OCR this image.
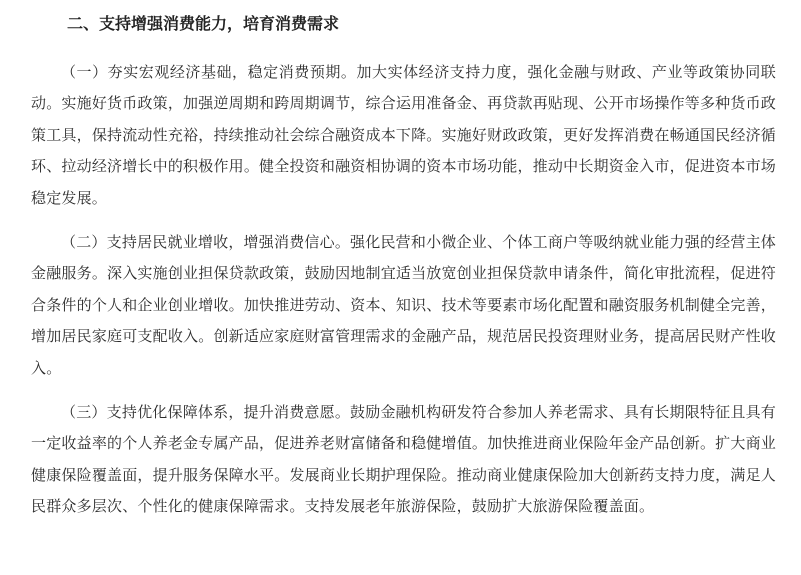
二、支持增强消费能力，培育消费需求

（一）夯实宏观经济基础，稳定消费预期。加大实体经济支持力度，强化金融与财政、产业等政策协同联动。实施好货币政策，加强逆周期和跨周期调节，综合运用准备金、再贷款再贴现、公开市场操作等多种货币政策工具，保持流动性充裕，持续推动社会综合融资成本下降。实施好财政政策，更好发挥消费在畅通国民经济循环、拉动经济增长中的积极作用。健全投资和融资相协调的资本市场功能，推动中长期资金入市，促进资本市场稳定发展。

（二）支持居民就业增收，增强消费信心。强化民营和小微企业、个体工商户等吸纳就业能力强的经营主体金融服务。深入实施创业担保贷款政策，鼓励因地制宜适当放宽创业担保贷款申请条件，简化审批流程，促进符合条件的个人和企业创业增收。加快推进劳动、资本、知识、技术等要素市场化配置和融资服务机制健全完善，增加居民家庭可支配收入。创新适应家庭财富管理需求的金融产品，规范居民投资理财业务，提高居民财产性收入。

（三）支持优化保障体系，提升消费意愿。鼓励金融机构研发符合参加人养老需求、具有长期限特征且具有一定收益率的个人养老金专属产品，促进养老财富储备和稳健增值。加快推进商业保险年金产品创新。扩大商业健康保险覆盖面，提升服务保障水平。发展商业长期护理保险。推动商业健康保险加大创新药支持力度，满足人民群众多层次、个性化的健康保障需求。支持发展老年旅游保险，鼓励扩大旅游保险覆盖面。
